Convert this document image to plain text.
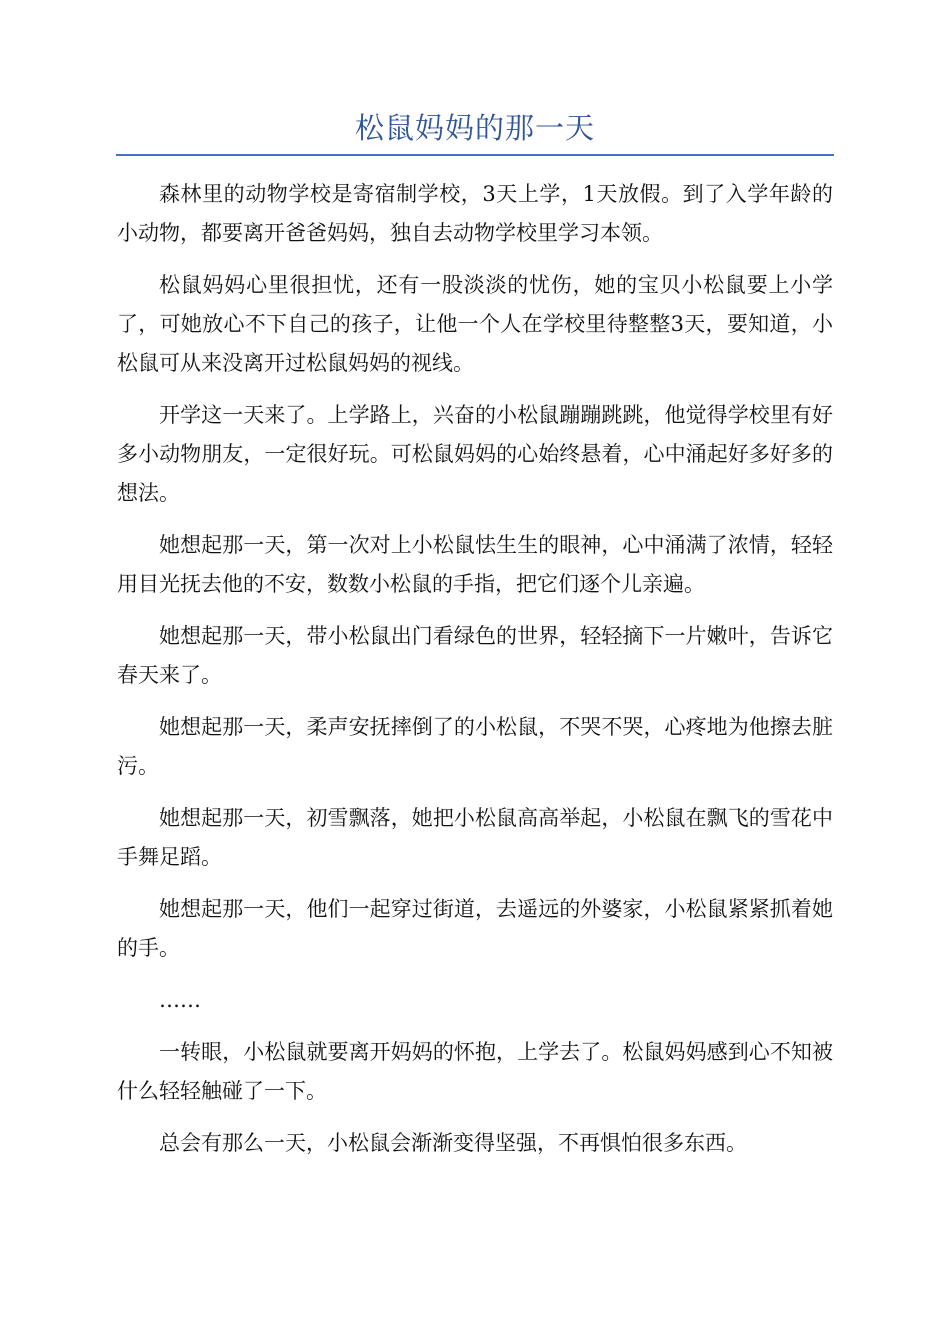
松鼠妈妈的那一天

森林里的动物学校是寄宿制学校，3天上学，1天放假。到了入学年龄的小动物，都要离开爸爸妈妈，独自去动物学校里学习本领。

松鼠妈妈心里很担忧，还有一股淡淡的忧伤，她的宝贝小松鼠要上小学了，可她放心不下自己的孩子，让他一个人在学校里待整整3天，要知道，小松鼠可从来没离开过松鼠妈妈的视线。

开学这一天来了。上学路上，兴奋的小松鼠蹦蹦跳跳，他觉得学校里有好多小动物朋友，一定很好玩。可松鼠妈妈的心始终悬着，心中涌起好多好多的想法。

她想起那一天，第一次对上小松鼠怯生生的眼神，心中涌满了浓情，轻轻用目光抚去他的不安，数数小松鼠的手指，把它们逐个儿亲遍。

她想起那一天，带小松鼠出门看绿色的世界，轻轻摘下一片嫩叶，告诉它春天来了。

她想起那一天，柔声安抚摔倒了的小松鼠，不哭不哭，心疼地为他擦去脏污。

她想起那一天，初雪飘落，她把小松鼠高高举起，小松鼠在飘飞的雪花中手舞足蹈。

她想起那一天，他们一起穿过街道，去遥远的外婆家，小松鼠紧紧抓着她的手。

……

一转眼，小松鼠就要离开妈妈的怀抱，上学去了。松鼠妈妈感到心不知被什么轻轻触碰了一下。

总会有那么一天，小松鼠会渐渐变得坚强，不再惧怕很多东西。
